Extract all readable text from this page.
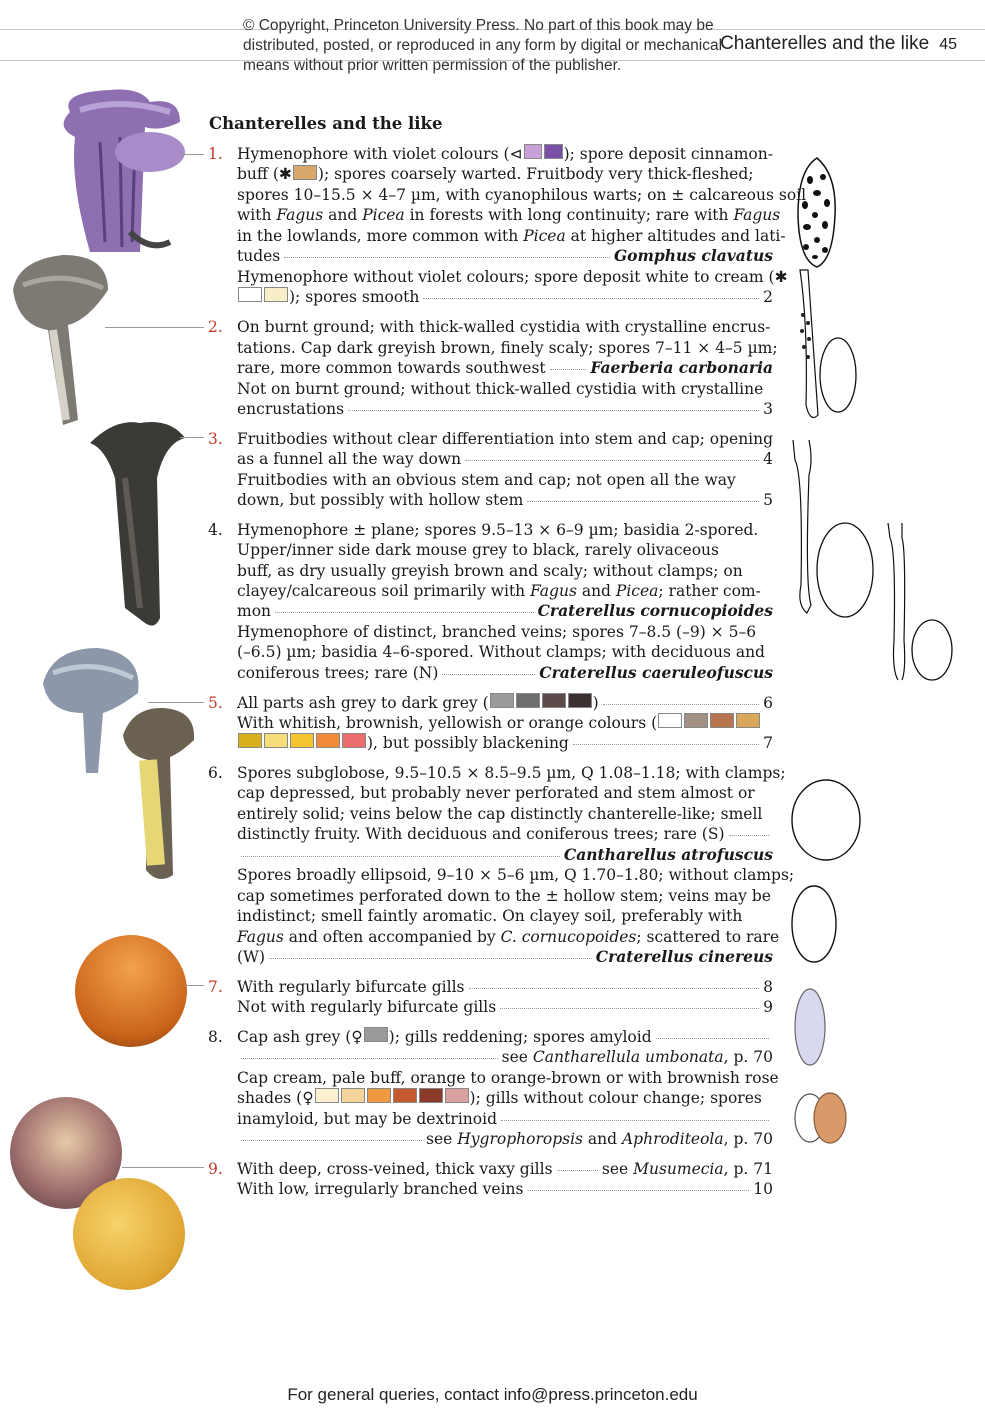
© Copyright, Princeton University Press. No part of this book may be distributed, posted, or reproduced in any form by digital or mechanical means without prior written permission of the publisher.
Chanterelles and the like 45
Chanterelles and the like
1.
2.
3.
4.
5.
6.
7.
8.
9.
Hymenophore with violet colours ( ⊲	); spore deposit cinnamon-
buff (✱ ); spores coarsely warted. Fruitbody very thick-fleshed;
spores 10–15.5 × 4–7 µm, with cyanophilous warts; on ± calcareous soil
with Fagus and Picea in forests with long continuity; rare with Fagus
in the lowlands, more common with Picea at higher altitudes and lati-
tudes	Gomphus clavatus
Hymenophore without violet colours; spore deposit white to cream ( ✱
); spores smooth	2
On burnt ground; with thick-walled cystidia with crystalline encrus-
tations. Cap dark greyish brown, finely scaly; spores 7–11 × 4–5 µm;
rare, more common towards southwest	Faerberia carbonaria
Not on burnt ground; without thick-walled cystidia with crystalline
encrustations	3
Fruitbodies without clear differentiation into stem and cap; opening
as a funnel all the way down	4
Fruitbodies with an obvious stem and cap; not open all the way
down, but possibly with hollow stem	5
Hymenophore ± plane; spores 9.5–13 × 6–9 µm; basidia 2-spored.
Upper/inner side dark mouse grey to black, rarely olivaceous
buff, as dry usually greyish brown and scaly; without clamps; on
clayey/calcareous soil primarily with Fagus and Picea; rather com-
mon	Craterellus cornucopioides
Hymenophore of distinct, branched veins; spores 7–8.5 (–9) × 5–6
(–6.5) µm; basidia 4–6-spored. Without clamps; with deciduous and
coniferous trees; rare (N)	Craterellus caeruleofuscus
All parts ash grey to dark grey (	)	6
With whitish, brownish, yellowish or orange colours (
), but possibly blackening	7
Spores subglobose, 9.5–10.5 × 8.5–9.5 µm, Q 1.08–1.18; with clamps;
cap depressed, but probably never perforated and stem almost or
entirely solid; veins below the cap distinctly chanterelle-like; smell
distinctly fruity. With deciduous and coniferous trees; rare (S)
Cantharellus atrofuscus
Spores broadly ellipsoid, 9–10 × 5–6 µm, Q 1.70–1.80; without clamps;
cap sometimes perforated down to the ± hollow stem; veins may be
indistinct; smell faintly aromatic. On clayey soil, preferably with
Fagus and often accompanied by C. cornucopoides; scattered to rare
(W)	Craterellus cinereus
With regularly bifurcate gills	8
Not with regularly bifurcate gills	9
Cap ash grey ( ♀ ); gills reddening; spores amyloid
see Cantharellula umbonata, p. 70
Cap cream, pale buff, orange to orange-brown or with brownish rose
shades ( ♀	); gills without colour change; spores
inamyloid, but may be dextrinoid
see Hygrophoropsis and Aphroditeola, p. 70
With deep, cross-veined, thick vaxy gills	see Musumecia, p. 71
With low, irregularly branched veins	10
For general queries, contact info@press.princeton.edu
